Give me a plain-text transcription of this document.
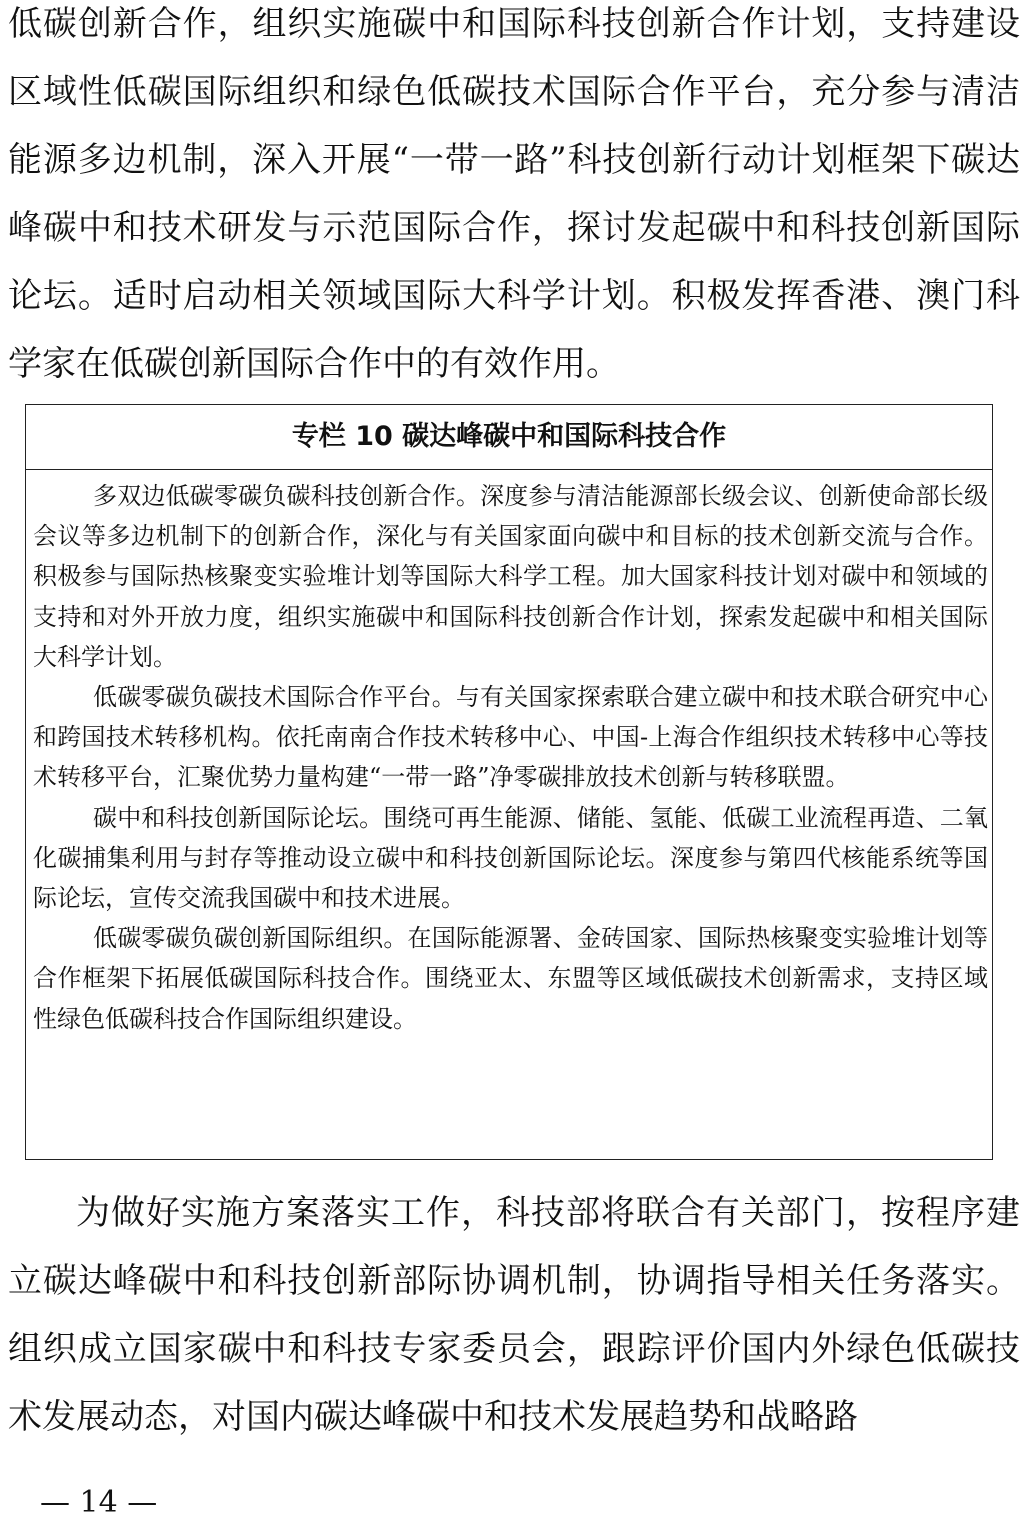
低碳创新合作，组织实施碳中和国际科技创新合作计划，支持建设区域性低碳国际组织和绿色低碳技术国际合作平台，充分参与清洁能源多边机制，深入开展“一带一路”科技创新行动计划框架下碳达峰碳中和技术研发与示范国际合作，探讨发起碳中和科技创新国际论坛。适时启动相关领域国际大科学计划。积极发挥香港、澳门科学家在低碳创新国际合作中的有效作用。

专栏 10 碳达峰碳中和国际科技合作

多双边低碳零碳负碳科技创新合作。深度参与清洁能源部长级会议、创新使命部长级会议等多边机制下的创新合作，深化与有关国家面向碳中和目标的技术创新交流与合作。积极参与国际热核聚变实验堆计划等国际大科学工程。加大国家科技计划对碳中和领域的支持和对外开放力度，组织实施碳中和国际科技创新合作计划，探索发起碳中和相关国际大科学计划。

低碳零碳负碳技术国际合作平台。与有关国家探索联合建立碳中和技术联合研究中心和跨国技术转移机构。依托南南合作技术转移中心、中国-上海合作组织技术转移中心等技术转移平台，汇聚优势力量构建“一带一路”净零碳排放技术创新与转移联盟。

碳中和科技创新国际论坛。围绕可再生能源、储能、氢能、低碳工业流程再造、二氧化碳捕集利用与封存等推动设立碳中和科技创新国际论坛。深度参与第四代核能系统等国际论坛，宣传交流我国碳中和技术进展。

低碳零碳负碳创新国际组织。在国际能源署、金砖国家、国际热核聚变实验堆计划等合作框架下拓展低碳国际科技合作。围绕亚太、东盟等区域低碳技术创新需求，支持区域性绿色低碳科技合作国际组织建设。

为做好实施方案落实工作，科技部将联合有关部门，按程序建立碳达峰碳中和科技创新部际协调机制，协调指导相关任务落实。组织成立国家碳中和科技专家委员会，跟踪评价国内外绿色低碳技术发展动态，对国内碳达峰碳中和技术发展趋势和战略路

— 14 —
